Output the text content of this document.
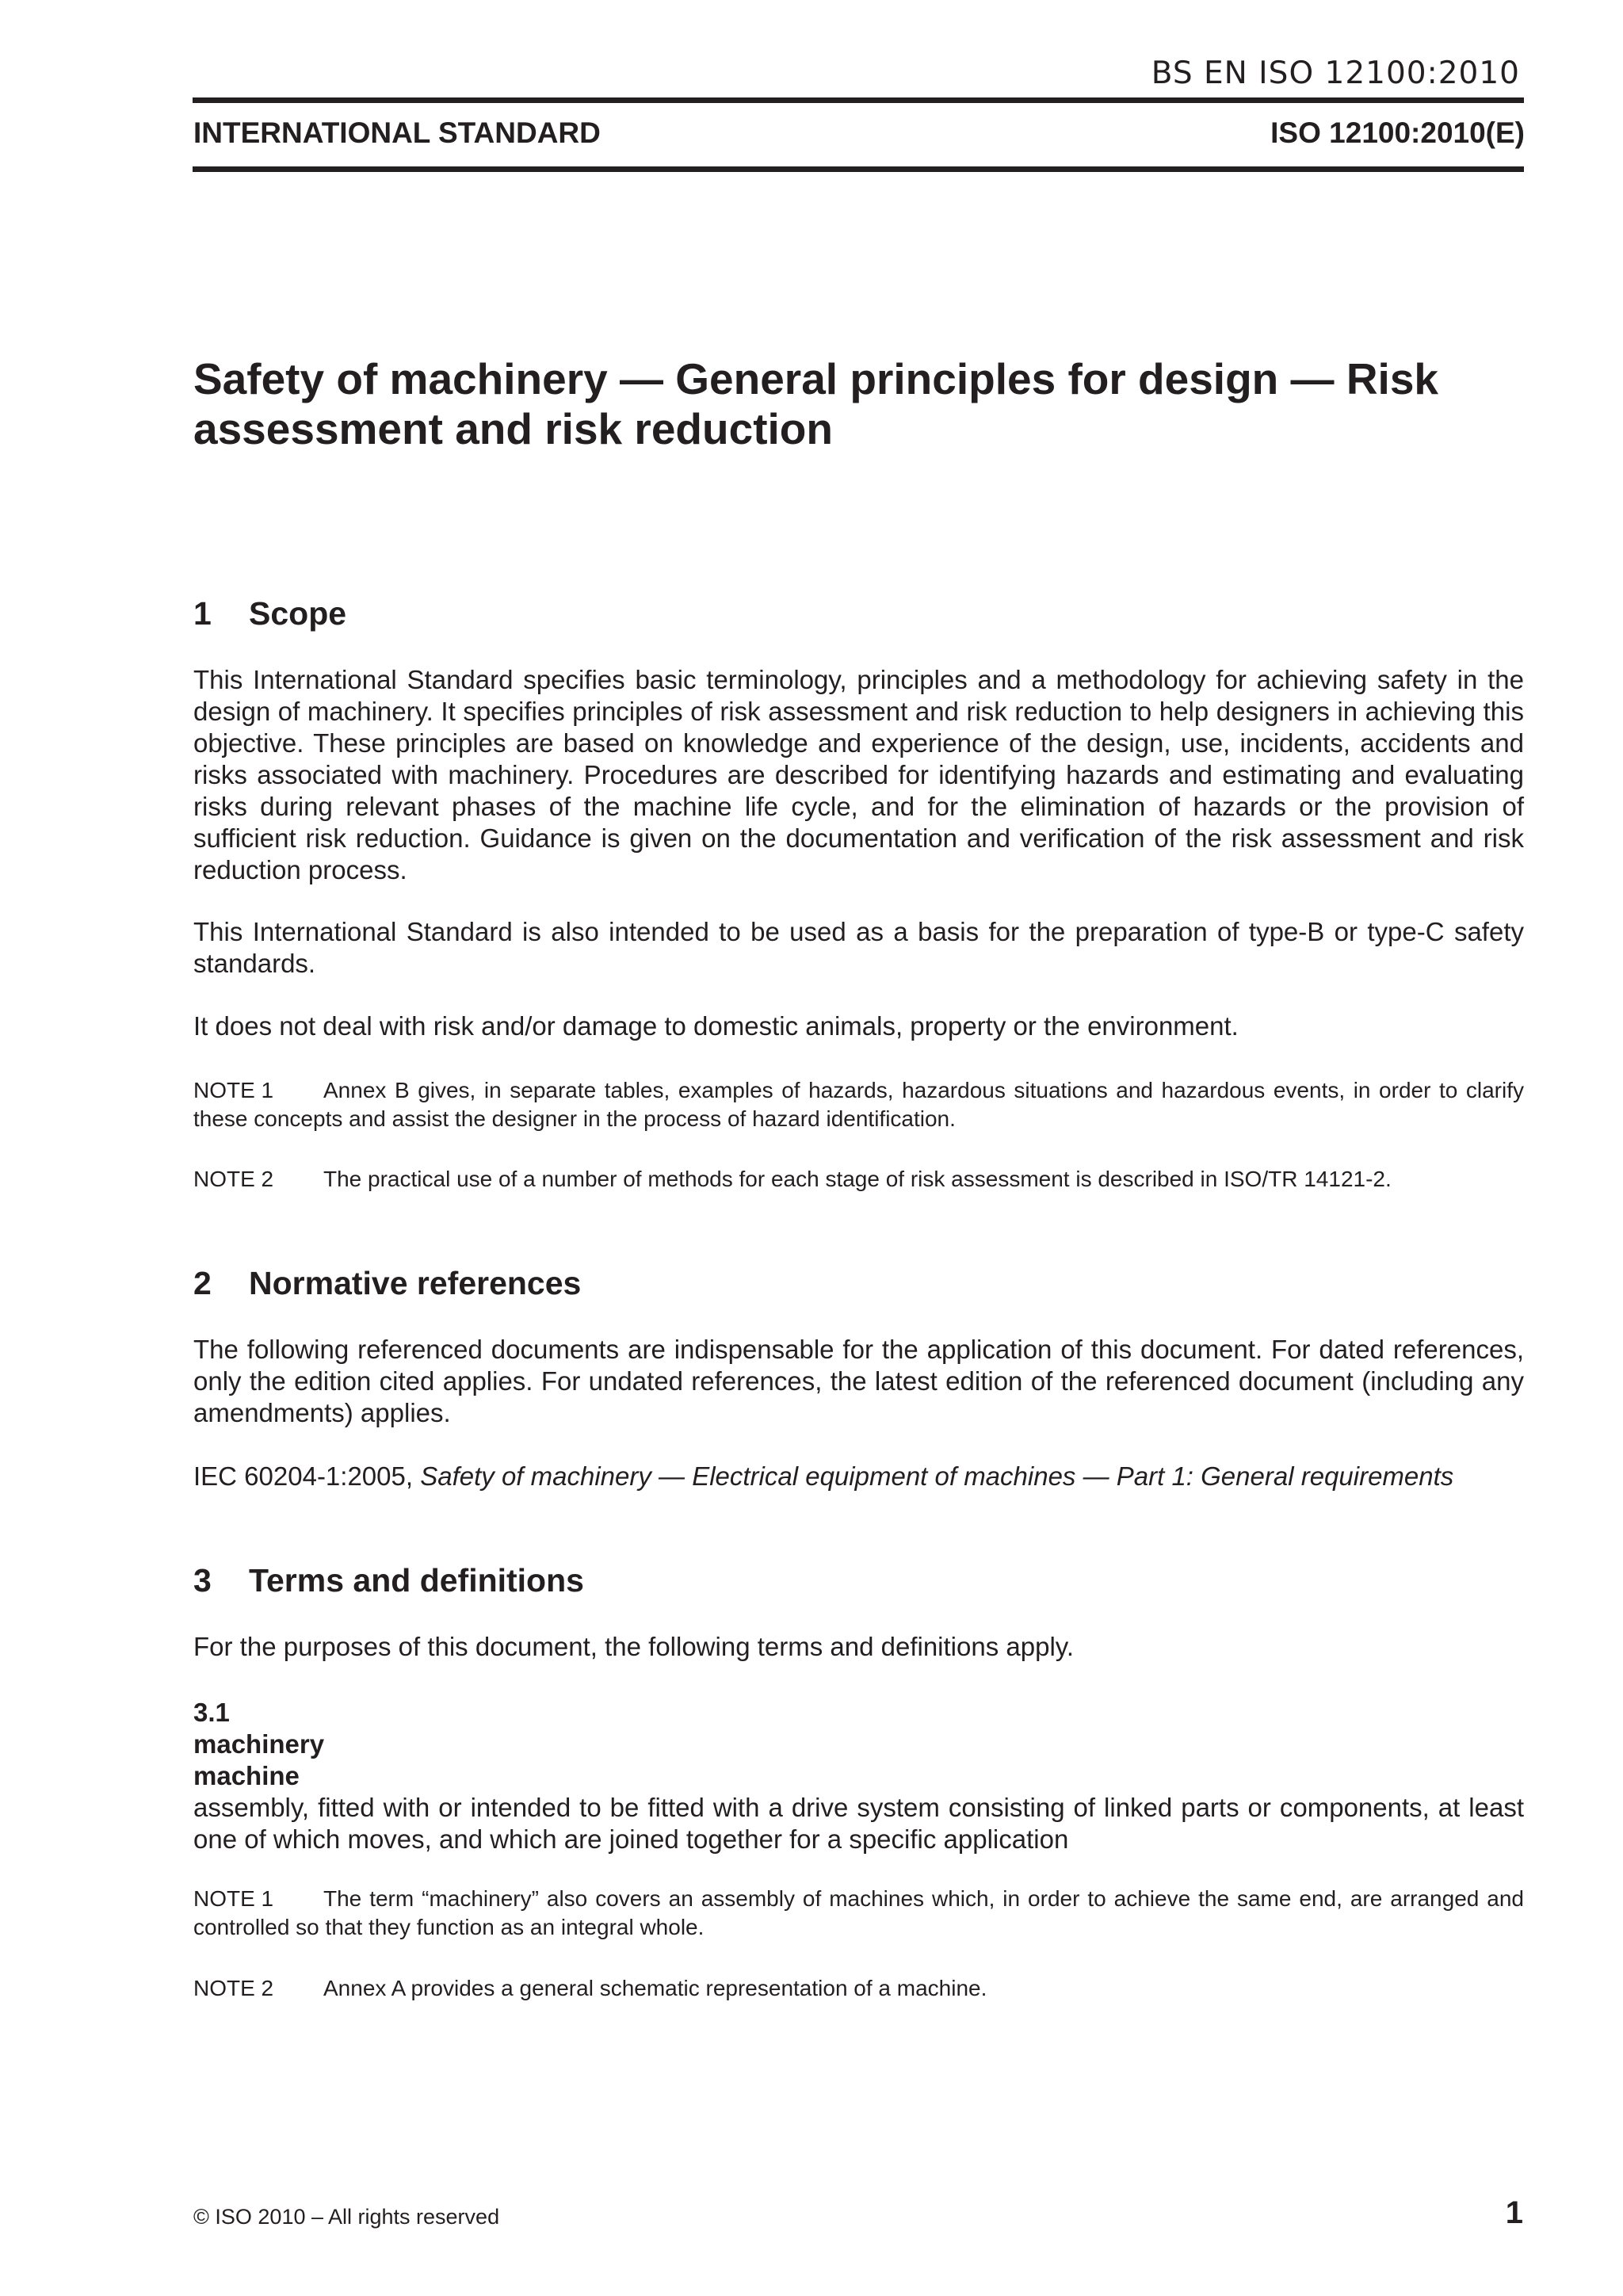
BS EN ISO 12100:2010
INTERNATIONAL STANDARD	ISO 12100:2010(E)
Safety of machinery — General principles for design — Risk assessment and risk reduction
1 Scope

This International Standard specifies basic terminology, principles and a methodology for achieving safety in the design of machinery. It specifies principles of risk assessment and risk reduction to help designers in achieving this objective. These principles are based on knowledge and experience of the design, use, incidents, accidents and risks associated with machinery. Procedures are described for identifying hazards and estimating and evaluating risks during relevant phases of the machine life cycle, and for the elimination of hazards or the provision of sufficient risk reduction. Guidance is given on the documentation and verification of the risk assessment and risk reduction process.

This International Standard is also intended to be used as a basis for the preparation of type-B or type-C safety standards.

It does not deal with risk and/or damage to domestic animals, property or the environment.

NOTE 1 Annex B gives, in separate tables, examples of hazards, hazardous situations and hazardous events, in order to clarify these concepts and assist the designer in the process of hazard identification.

NOTE 2 The practical use of a number of methods for each stage of risk assessment is described in ISO/TR 14121-2.

2 Normative references

The following referenced documents are indispensable for the application of this document. For dated references, only the edition cited applies. For undated references, the latest edition of the referenced document (including any amendments) applies.

IEC 60204-1:2005, Safety of machinery — Electrical equipment of machines — Part 1: General requirements

3 Terms and definitions

For the purposes of this document, the following terms and definitions apply.

3.1
machinery
machine
assembly, fitted with or intended to be fitted with a drive system consisting of linked parts or components, at least one of which moves, and which are joined together for a specific application

NOTE 1 The term “machinery” also covers an assembly of machines which, in order to achieve the same end, are arranged and controlled so that they function as an integral whole.

NOTE 2 Annex A provides a general schematic representation of a machine.

© ISO 2010 – All rights reserved	1
